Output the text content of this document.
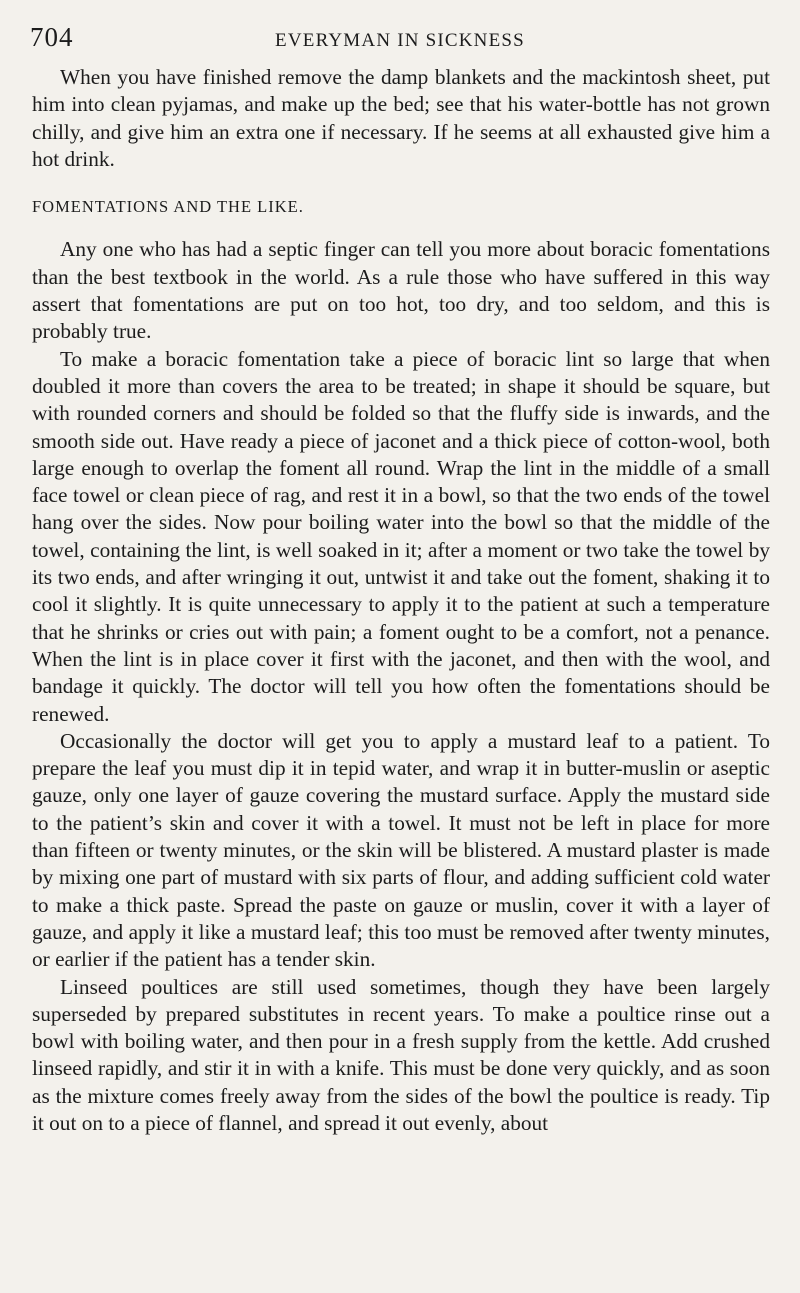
704	EVERYMAN IN SICKNESS

When you have finished remove the damp blankets and the mackintosh sheet, put him into clean pyjamas, and make up the bed; see that his water-bottle has not grown chilly, and give him an extra one if necessary. If he seems at all exhausted give him a hot drink.

FOMENTATIONS AND THE LIKE.

Any one who has had a septic finger can tell you more about boracic fomentations than the best textbook in the world. As a rule those who have suffered in this way assert that fomentations are put on too hot, too dry, and too seldom, and this is probably true.

To make a boracic fomentation take a piece of boracic lint so large that when doubled it more than covers the area to be treated; in shape it should be square, but with rounded corners and should be folded so that the fluffy side is inwards, and the smooth side out. Have ready a piece of jaconet and a thick piece of cotton-wool, both large enough to overlap the foment all round. Wrap the lint in the middle of a small face towel or clean piece of rag, and rest it in a bowl, so that the two ends of the towel hang over the sides. Now pour boiling water into the bowl so that the middle of the towel, containing the lint, is well soaked in it; after a moment or two take the towel by its two ends, and after wringing it out, untwist it and take out the foment, shaking it to cool it slightly. It is quite unnecessary to apply it to the patient at such a temperature that he shrinks or cries out with pain; a foment ought to be a comfort, not a penance. When the lint is in place cover it first with the jaconet, and then with the wool, and bandage it quickly. The doctor will tell you how often the fomentations should be renewed.

Occasionally the doctor will get you to apply a mustard leaf to a patient. To prepare the leaf you must dip it in tepid water, and wrap it in butter-muslin or aseptic gauze, only one layer of gauze covering the mustard surface. Apply the mustard side to the patient’s skin and cover it with a towel. It must not be left in place for more than fifteen or twenty minutes, or the skin will be blistered. A mustard plaster is made by mixing one part of mustard with six parts of flour, and adding sufficient cold water to make a thick paste. Spread the paste on gauze or muslin, cover it with a layer of gauze, and apply it like a mustard leaf; this too must be removed after twenty minutes, or earlier if the patient has a tender skin.

Linseed poultices are still used sometimes, though they have been largely superseded by prepared substitutes in recent years. To make a poultice rinse out a bowl with boiling water, and then pour in a fresh supply from the kettle. Add crushed linseed rapidly, and stir it in with a knife. This must be done very quickly, and as soon as the mixture comes freely away from the sides of the bowl the poultice is ready. Tip it out on to a piece of flannel, and spread it out evenly, about
